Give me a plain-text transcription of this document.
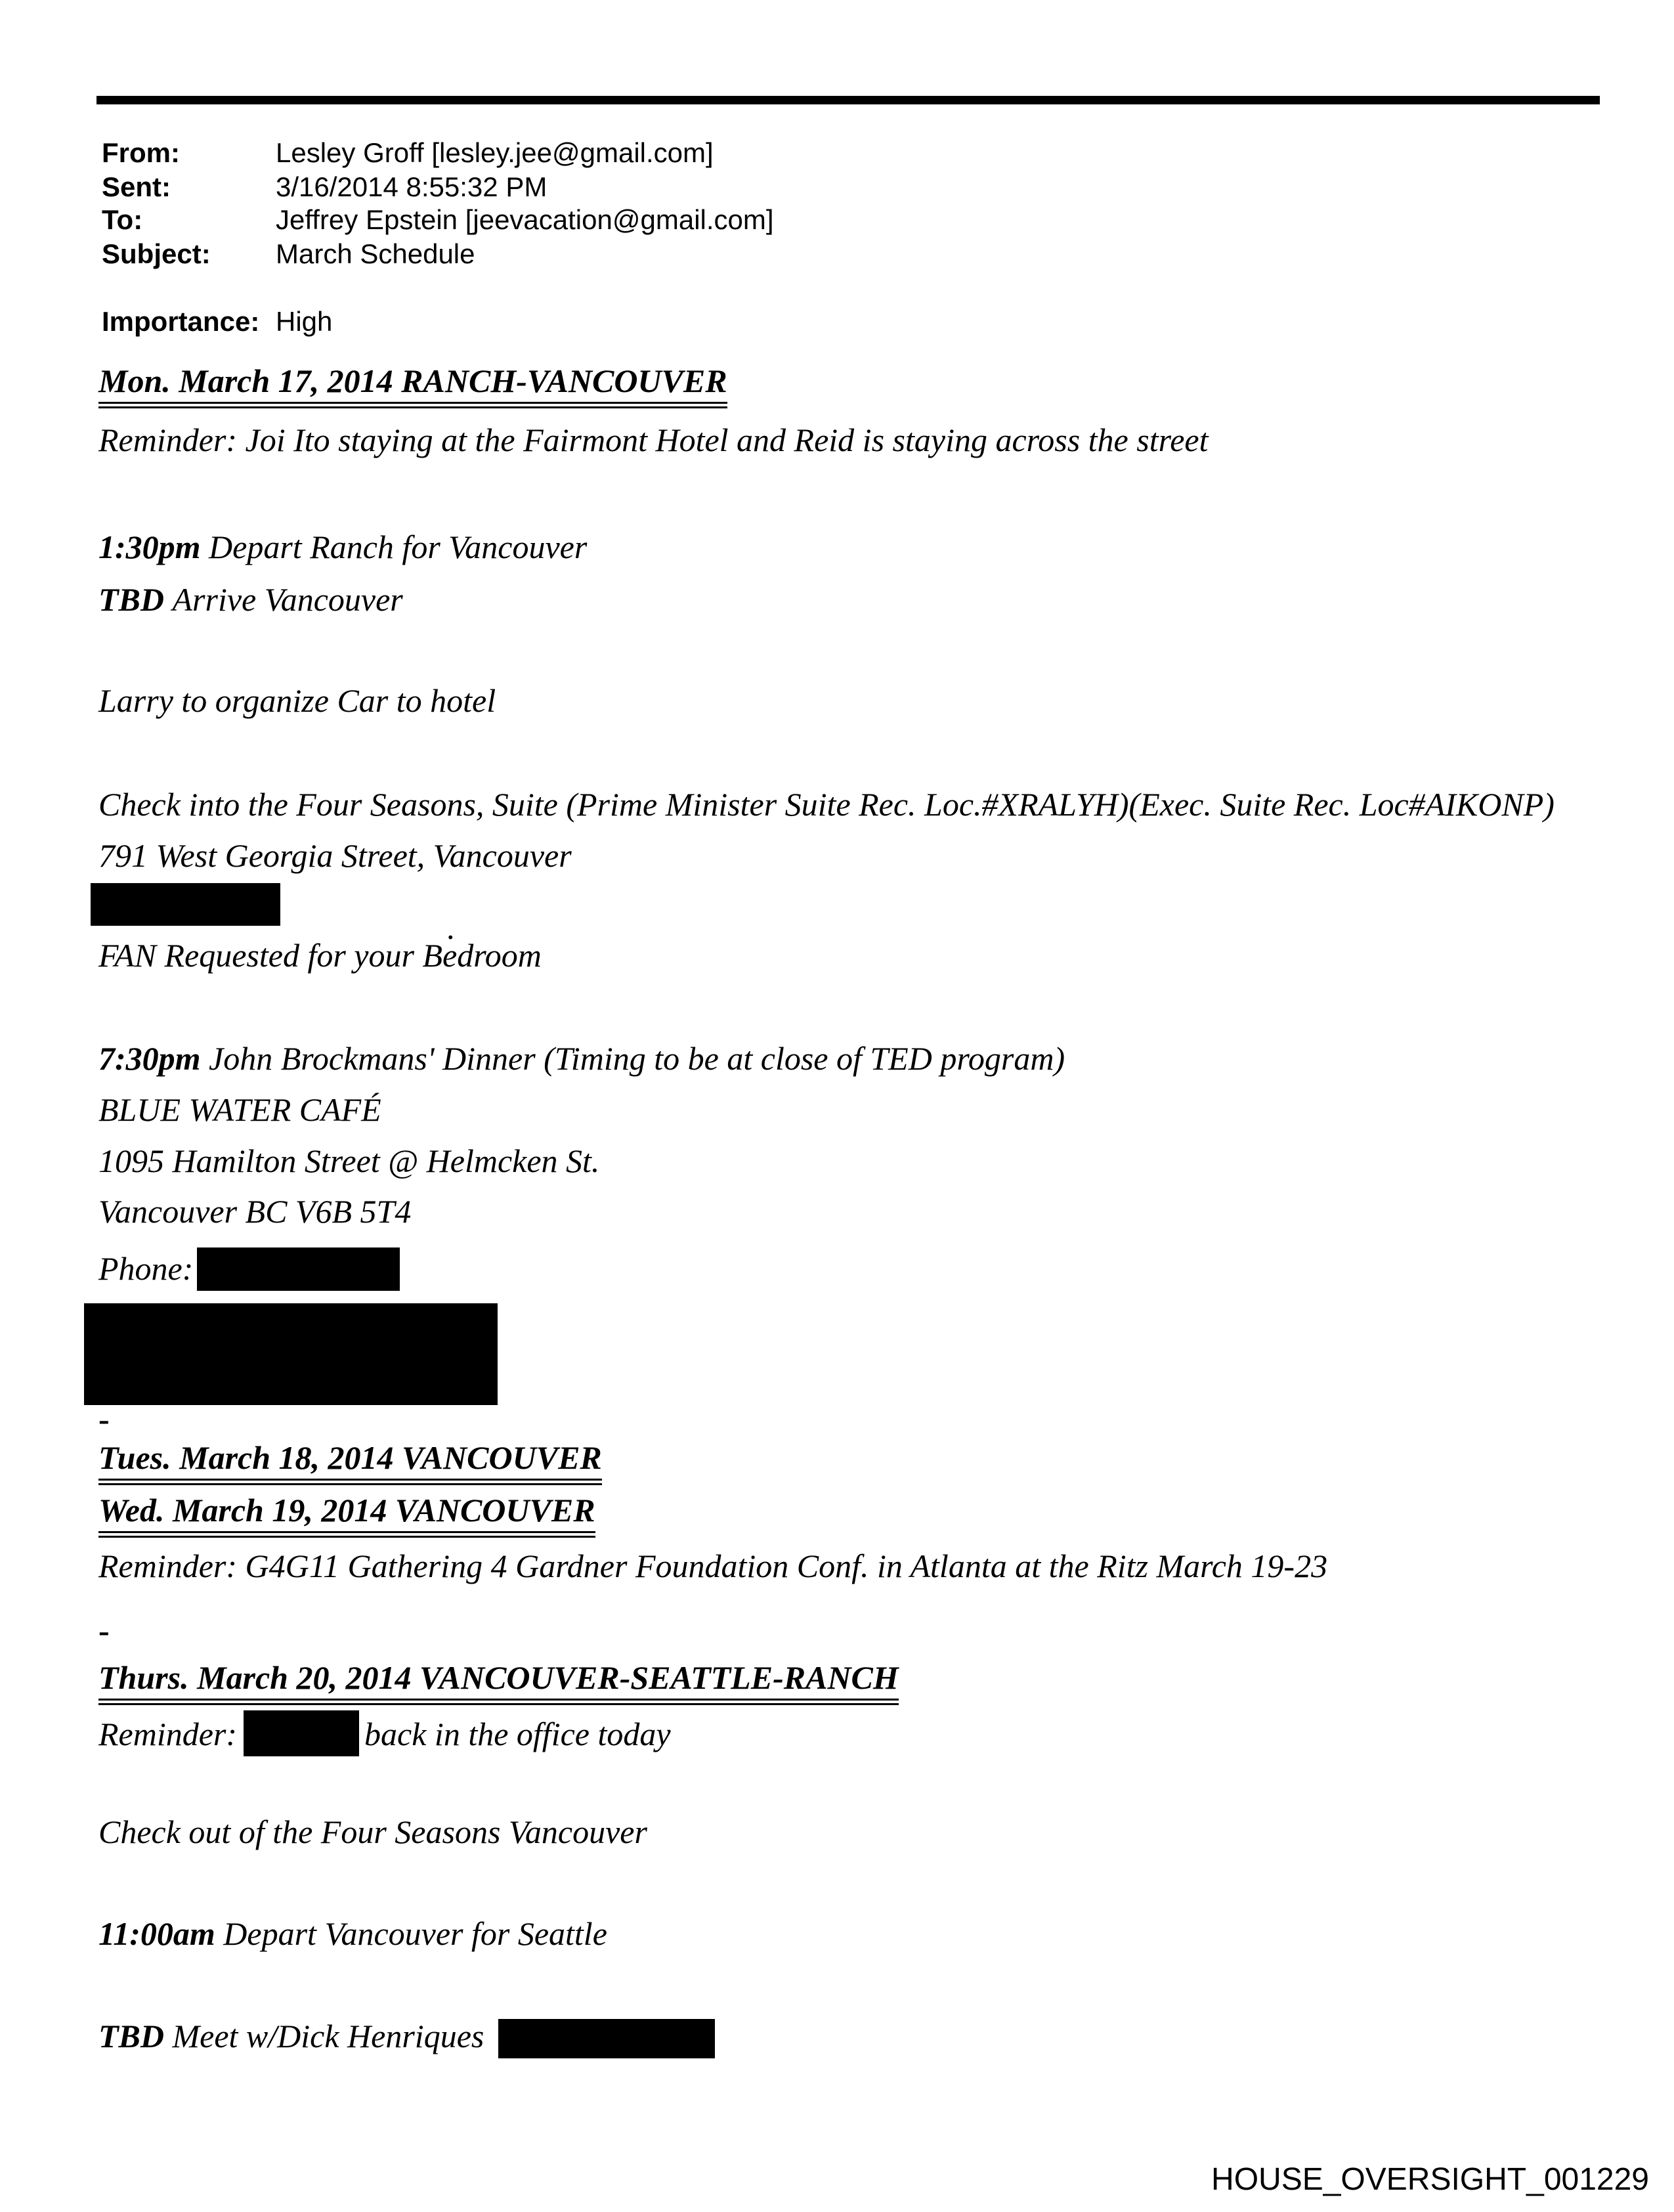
From:	Lesley Groff [lesley.jee@gmail.com]
Sent:	3/16/2014 8:55:32 PM
To:	Jeffrey Epstein [jeevacation@gmail.com]
Subject: March Schedule
Importance: High
Mon. March 17, 2014 RANCH-VANCOUVER
Reminder: Joi Ito staying at the Fairmont Hotel and Reid is staying across the street
1:30pm Depart Ranch for Vancouver
TBD Arrive Vancouver
Larry to organize Car to hotel
Check into the Four Seasons, Suite (Prime Minister Suite Rec. Loc.#XRALYH)(Exec. Suite Rec. Loc#AIKONP)
791 West Georgia Street, Vancouver
.
FAN Requested for your Bedroom
7:30pm John Brockmans' Dinner (Timing to be at close of TED program)
BLUE WATER CAFÉ
1095 Hamilton Street @ Helmcken St.
Vancouver BC V6B 5T4
Phone:
-
Tues. March 18, 2014 VANCOUVER
Wed. March 19, 2014 VANCOUVER
Reminder: G4G11 Gathering 4 Gardner Foundation Conf. in Atlanta at the Ritz March 19-23
-
Thurs. March 20, 2014 VANCOUVER-SEATTLE-RANCH
Reminder:	back in the office today
Check out of the Four Seasons Vancouver
11:00am Depart Vancouver for Seattle
TBD Meet w/Dick Henriques
HOUSE_OVERSIGHT_001229
